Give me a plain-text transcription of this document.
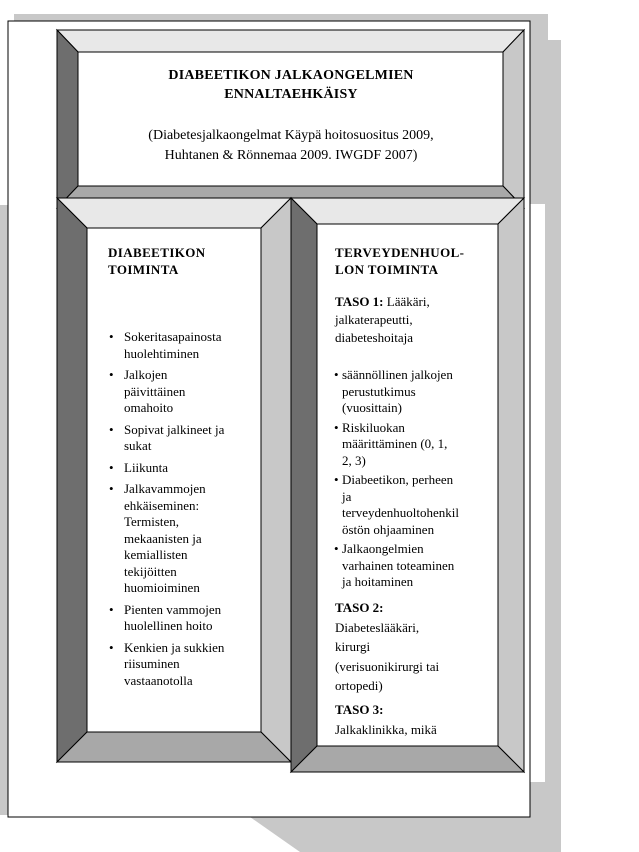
DIABEETIKON JALKAONGELMIEN
ENNALTAEHKÄISY
(Diabetesjalkaongelmat Käypä hoitosuositus 2009,
Huhtanen & Rönnemaa 2009. IWGDF 2007)
DIABEETIKON
TOIMINTA
• Sokeritasapainosta
huolehtiminen
• Jalkojen
päivittäinen
omahoito
• Sopivat jalkineet ja
sukat
• Liikunta
• Jalkavammojen
ehkäiseminen:
Termisten,
mekaanisten ja
kemiallisten
tekijöitten
huomioiminen
• Pienten vammojen
huolellinen hoito
• Kenkien ja sukkien
riisuminen
vastaanotolla
TERVEYDENHUOL-
LON TOIMINTA
TASO 1: Lääkäri,
jalkaterapeutti,
diabeteshoitaja
• säännöllinen jalkojen
perustutkimus
(vuosittain)
• Riskiluokan
määrittäminen (0, 1,
2, 3)
• Diabeetikon, perheen
ja
terveydenhuoltohenkil
östön ohjaaminen
• Jalkaongelmien
varhainen toteaminen
ja hoitaminen
TASO 2:
Diabeteslääkäri,
kirurgi
(verisuonikirurgi tai
ortopedi)
TASO 3:
Jalkaklinikka, mikä
